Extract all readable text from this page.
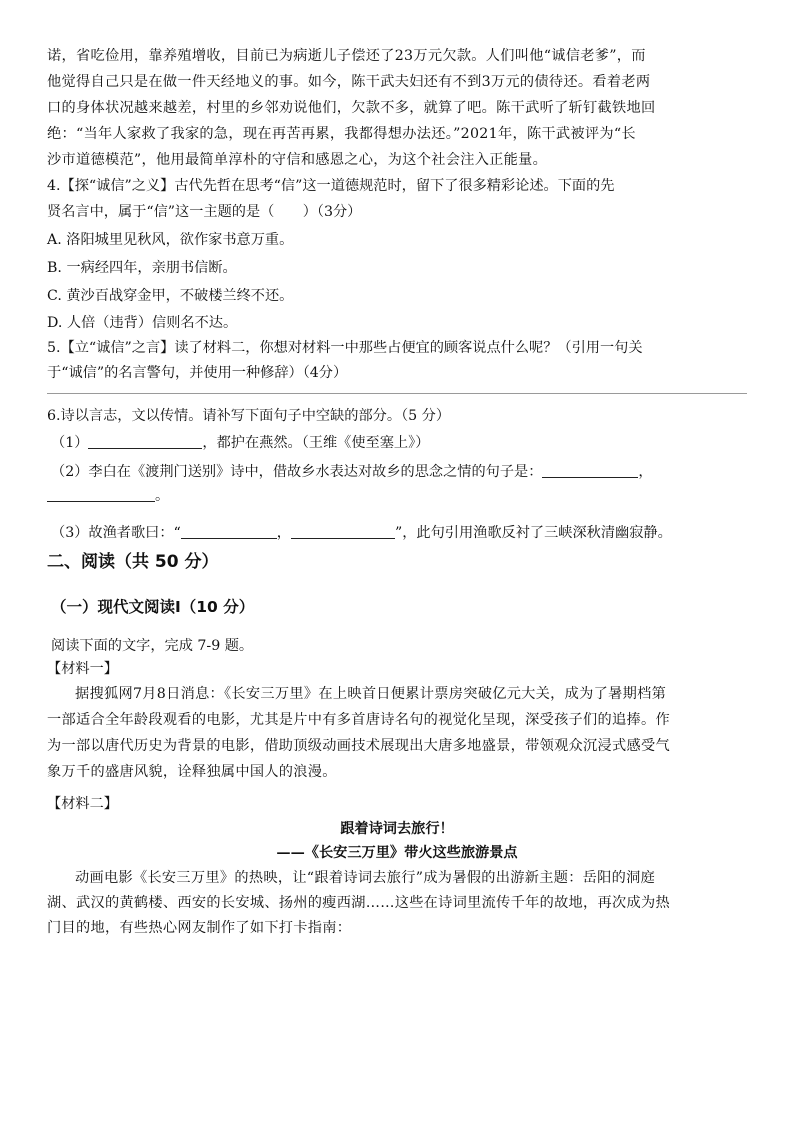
诺，省吃俭用，靠养殖增收，目前已为病逝儿子偿还了23万元欠款。人们叫他“诚信老爹”，而
他觉得自己只是在做一件天经地义的事。如今，陈干武夫妇还有不到3万元的债待还。看着老两
口的身体状况越来越差，村里的乡邻劝说他们，欠款不多，就算了吧。陈干武听了斩钉截铁地回
绝：“当年人家救了我家的急，现在再苦再累，我都得想办法还。”2021年，陈干武被评为“长
沙市道德模范”，他用最简单淳朴的守信和感恩之心，为这个社会注入正能量。
4.【探“诚信”之义】古代先哲在思考“信”这一道德规范时，留下了很多精彩论述。下面的先
贤名言中，属于“信”这一主题的是（　　）（3分）
A. 洛阳城里见秋风，欲作家书意万重。
B. 一病经四年，亲朋书信断。
C. 黄沙百战穿金甲，不破楼兰终不还。
D. 人倍（违背）信则名不达。
5.【立“诚信”之言】读了材料二，你想对材料一中那些占便宜的顾客说点什么呢？（引用一句关
于“诚信”的名言警句，并使用一种修辞）（4分）
6.诗以言志，文以传情。请补写下面句子中空缺的部分。（5 分）
（1）	，都护在燕然。（王维《使至塞上》）
（2）李白在《渡荆门送别》诗中，借故乡水表达对故乡的思念之情的句子是：	，
。
（3）故渔者歌曰：“	，	”，此句引用渔歌反衬了三峡深秋清幽寂静。
二、阅读（共 50 分）
（一）现代文阅读Ⅰ（10 分）
阅读下面的文字，完成 7-9 题。
【材料一】
据搜狐网7月8日消息：《长安三万里》在上映首日便累计票房突破亿元大关，成为了暑期档第
一部适合全年龄段观看的电影，尤其是片中有多首唐诗名句的视觉化呈现，深受孩子们的追捧。作
为一部以唐代历史为背景的电影，借助顶级动画技术展现出大唐多地盛景，带领观众沉浸式感受气
象万千的盛唐风貌，诠释独属中国人的浪漫。
【材料二】
跟着诗词去旅行！
——《长安三万里》带火这些旅游景点
动画电影《长安三万里》的热映，让“跟着诗词去旅行”成为暑假的出游新主题：岳阳的洞庭
湖、武汉的黄鹤楼、西安的长安城、扬州的瘦西湖……这些在诗词里流传千年的故地，再次成为热
门目的地，有些热心网友制作了如下打卡指南：
